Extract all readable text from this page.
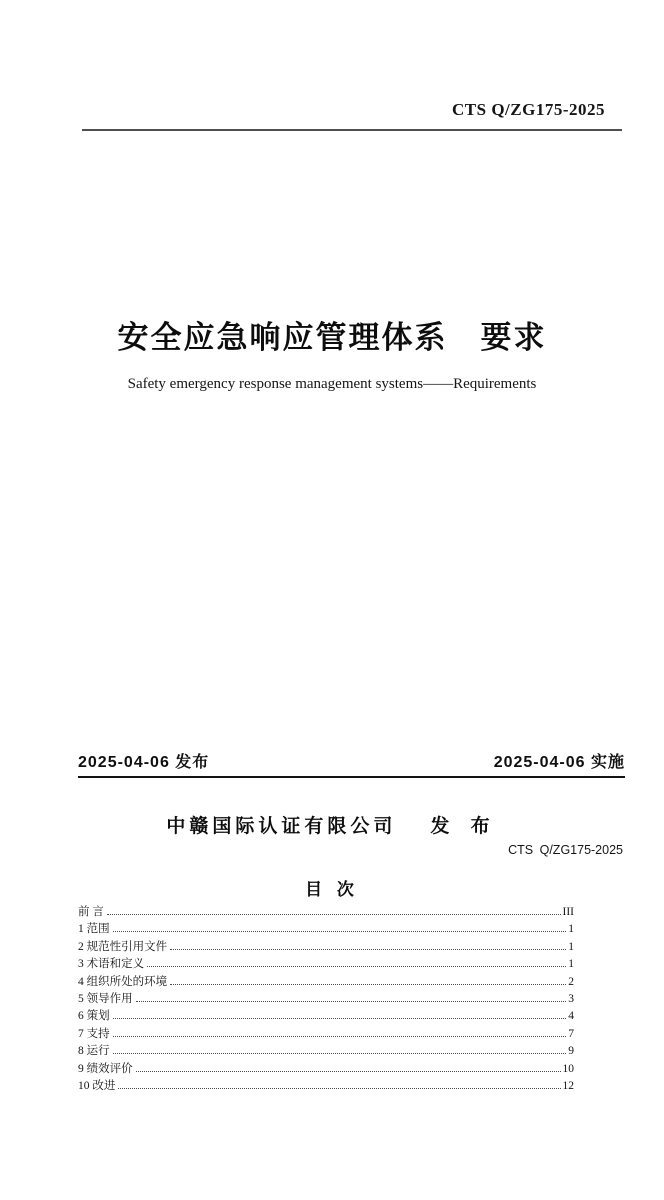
CTS Q/ZG175-2025
安全应急响应管理体系　要求
Safety emergency response management systems——Requirements
2025-04-06 发布	2025-04-06 实施
中赣国际认证有限公司 发 布
CTS Q/ZG175-2025
目 次
前 言	III
1 范围	1
2 规范性引用文件	1
3 术语和定义	1
4 组织所处的环境	2
5 领导作用	3
6 策划	4
7 支持	7
8 运行	9
9 绩效评价	10
10 改进	12
